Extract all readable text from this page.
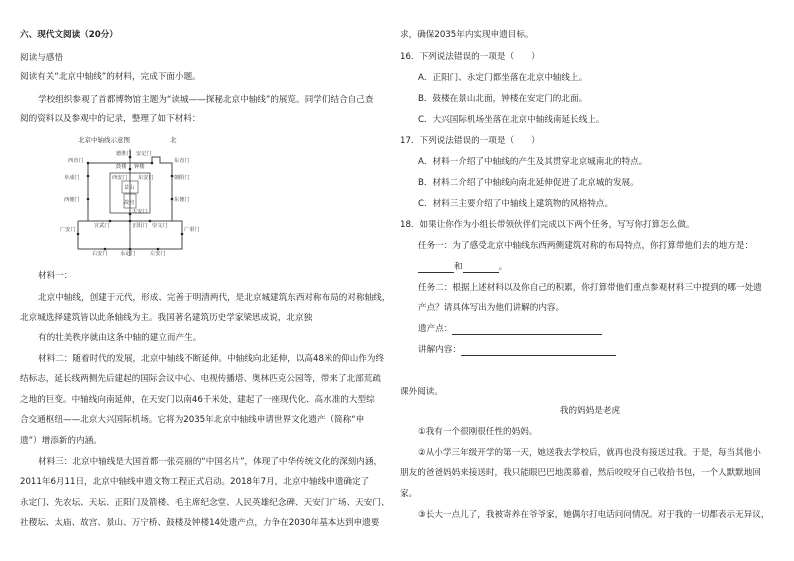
六、现代文阅读（20分）
阅读与感悟
阅读有关“北京中轴线”的材料，完成下面小题。
学校组织参观了首都博物馆主题为“读城——探秘北京中轴线”的展览。同学们结合自己查
阅的资料以及参观中的记录，整理了如下材料：
北京中轴线示意图	北
德胜门 安定门
钟楼
鼓楼
西直门	东直门
景山
故宫
西安门 东安门
阜成门	朝阳门
天安门
西便门	东便门
广安门	广渠门
正阳门
宣武门	崇文门
右安门 永定门	左安门
材料一：
北京中轴线，创建于元代，形成、完善于明清两代，是北京城建筑东西对称布局的对称轴线，
北京城选择建筑皆以此条轴线为主。我国著名建筑历史学家梁思成说，北京独
有的壮美秩序就由这条中轴的建立而产生。
材料二：随着时代的发展，北京中轴线不断延伸。中轴线向北延伸，以高48米的仰山作为终
结标志，延长线两侧先后建起的国际会议中心、电视传播塔、奥林匹克公园等，带来了北部荒疏
之地的巨变。中轴线向南延伸，在天安门以南46千米处，建起了一座现代化、高水准的大型综
合交通枢纽——北京大兴国际机场。它将为2035年北京中轴线申请世界文化遗产（简称“申
遗”）增添新的内涵。
材料三：北京中轴线是大国首都一张亮丽的“中国名片”，体现了中华传统文化的深刻内涵，
2011年6月11日，北京中轴线申遗文物工程正式启动。2018年7月，北京中轴线申遗确定了
永定门、先农坛、天坛、正阳门及箭楼、毛主席纪念堂、人民英雄纪念碑、天安门广场、天安门、
社稷坛、太庙、故宫、景山、万宁桥、鼓楼及钟楼14处遗产点，力争在2030年基本达到申遗要
求，确保2035年内实现申遗目标。
16．下列说法错误的一项是（　　）
A．正阳门、永定门都坐落在北京中轴线上。
B．鼓楼在景山北面，钟楼在安定门的北面。
C．大兴国际机场坐落在北京中轴线南延长线上。
17．下列说法错误的一项是（　　）
A．材料一介绍了中轴线的产生及其贯穿北京城南北的特点。
B．材料二介绍了中轴线向南北延伸促进了北京城的发展。
C．材料三主要介绍了中轴线上建筑物的风格特点。
18．如果让你作为小组长带领伙伴们完成以下两个任务，写写你打算怎么做。
任务一：为了感受北京中轴线东西两侧建筑对称的布局特点，你打算带他们去的地方是：
和	。
任务二：根据上述材料以及你自己的积累，你打算带他们重点参观材料三中提到的哪一处遗
产点？请具体写出为他们讲解的内容。
遗产点：
讲解内容：
课外阅读。
我的妈妈是老虎
①我有一个很刚很任性的妈妈。
②从小学三年级开学的第一天，她送我去学校后，就再也没有接送过我。于是，每当其他小
朋友的爸爸妈妈来接送时，我只能眼巴巴地羡慕着，然后咬咬牙自己收拾书包，一个人默默地回
家。
③长大一点儿了，我被寄养在爷爷家，她偶尔打电话问问情况。对于我的一切都表示无异议，
